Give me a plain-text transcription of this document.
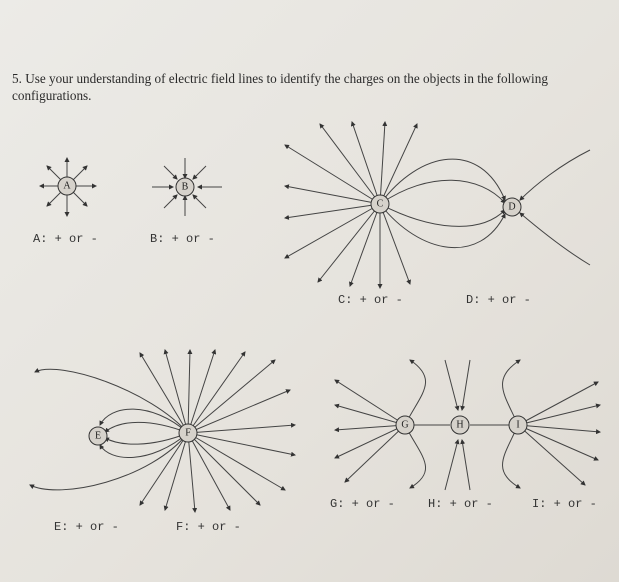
5. Use your understanding of electric field lines to identify the charges on the objects in the following configurations.

A	B
C	D
E	F
G	H	I
A: + or -	B: + or -
C: + or -	D: + or -
E: + or -	F: + or -
G: + or -	H: + or -	I: + or -
